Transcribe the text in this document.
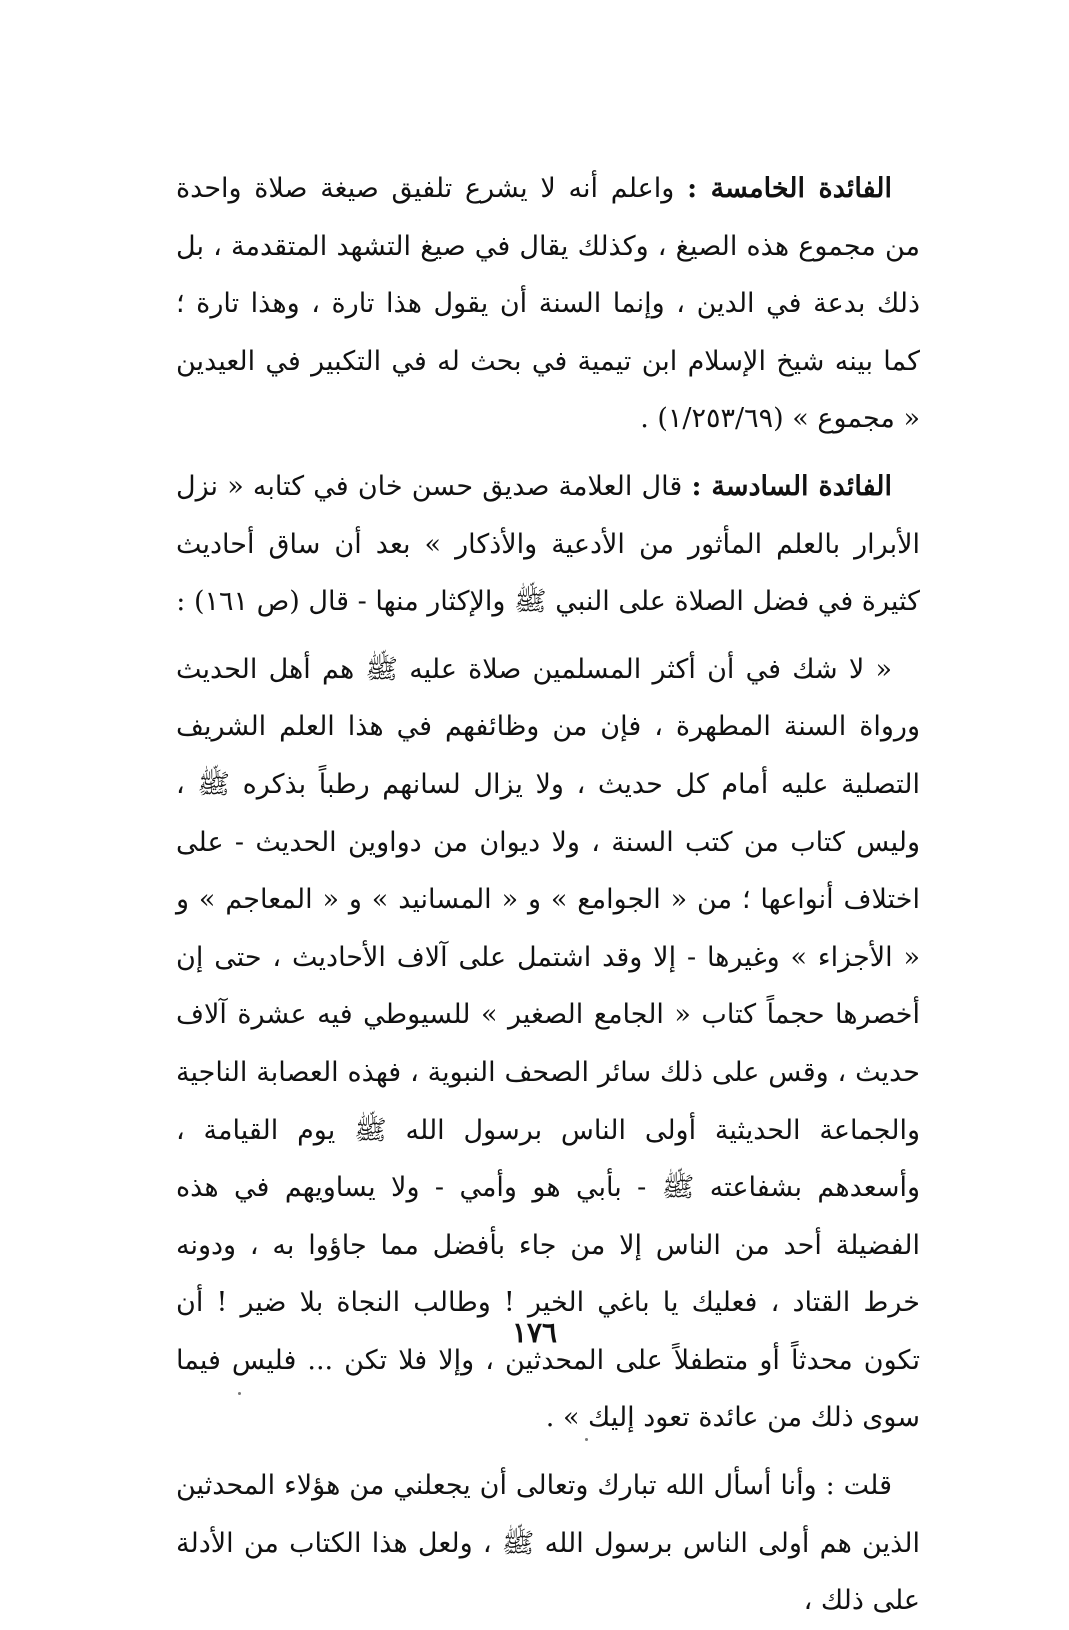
الفائدة الخامسة : واعلم أنه لا يشرع تلفيق صيغة صلاة واحدة من مجموع هذه الصيغ ، وكذلك يقال في صيغ التشهد المتقدمة ، بل ذلك بدعة في الدين ، وإنما السنة أن يقول هذا تارة ، وهذا تارة ؛ كما بينه شيخ الإسلام ابن تيمية في بحث له في التكبير في العيدين « مجموع » (١/٢٥٣/٦٩) .

الفائدة السادسة : قال العلامة صديق حسن خان في كتابه « نزل الأبرار بالعلم المأثور من الأدعية والأذكار » بعد أن ساق أحاديث كثيرة في فضل الصلاة على النبي ﷺ والإكثار منها - قال (ص ١٦١) :

« لا شك في أن أكثر المسلمين صلاة عليه ﷺ هم أهل الحديث ورواة السنة المطهرة ، فإن من وظائفهم في هذا العلم الشريف التصلية عليه أمام كل حديث ، ولا يزال لسانهم رطباً بذكره ﷺ ، وليس كتاب من كتب السنة ، ولا ديوان من دواوين الحديث - على اختلاف أنواعها ؛ من « الجوامع » و « المسانيد » و « المعاجم » و « الأجزاء » وغيرها - إلا وقد اشتمل على آلاف الأحاديث ، حتى إن أخصرها حجماً كتاب « الجامع الصغير » للسيوطي فيه عشرة آلاف حديث ، وقس على ذلك سائر الصحف النبوية ، فهذه العصابة الناجية والجماعة الحديثية أولى الناس برسول الله ﷺ يوم القيامة ، وأسعدهم بشفاعته ﷺ - بأبي هو وأمي - ولا يساويهم في هذه الفضيلة أحد من الناس إلا من جاء بأفضل مما جاؤوا به ، ودونه خرط القتاد ، فعليك يا باغي الخير ! وطالب النجاة بلا ضير ! أن تكون محدثاً أو متطفلاً على المحدثين ، وإلا فلا تكن ... فليس فيما سوى ذلك من عائدة تعود إليك » .

قلت : وأنا أسأل الله تبارك وتعالى أن يجعلني من هؤلاء المحدثين الذين هم أولى الناس برسول الله ﷺ ، ولعل هذا الكتاب من الأدلة على ذلك ،

١٧٦
